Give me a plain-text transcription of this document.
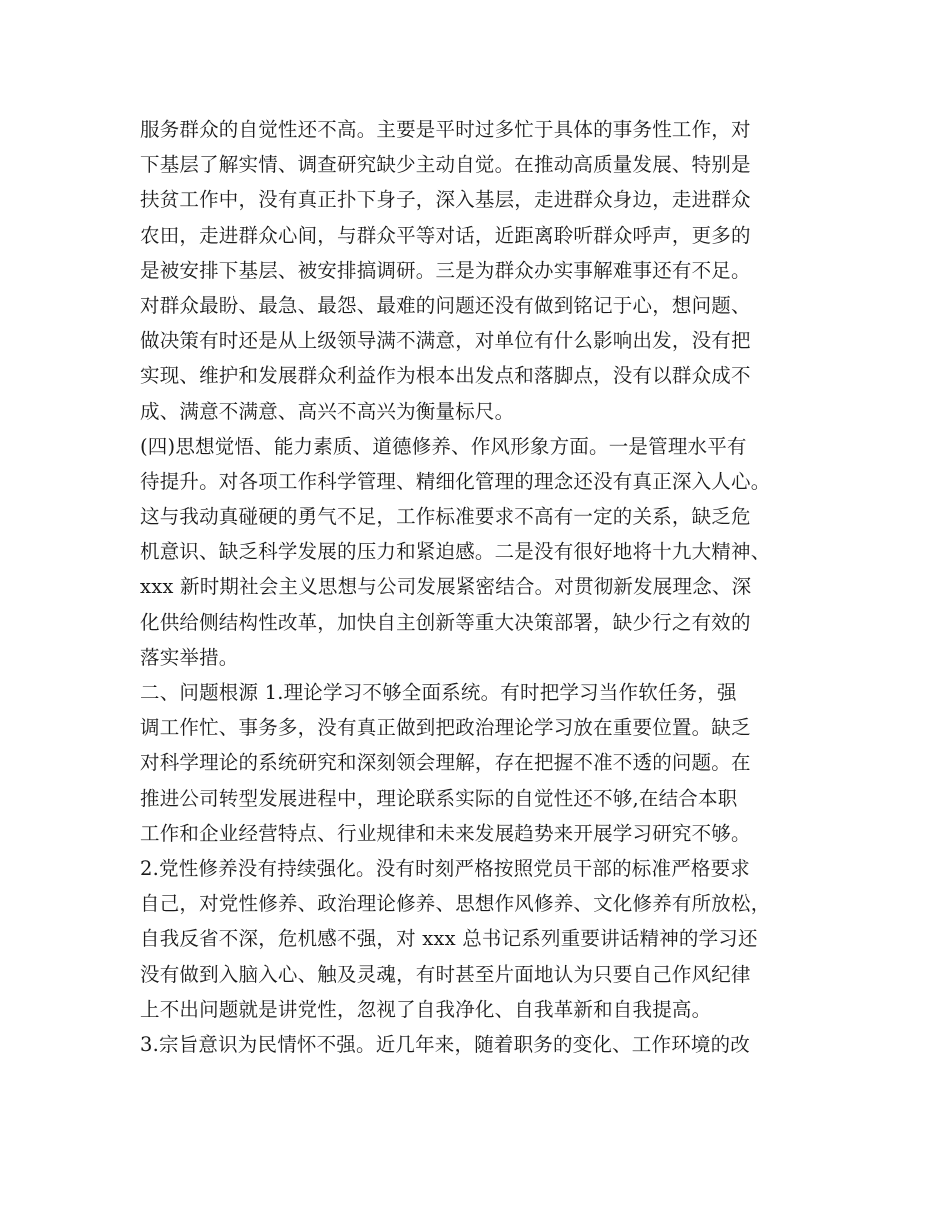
服务群众的自觉性还不高。主要是平时过多忙于具体的事务性工作，对
下基层了解实情、调查研究缺少主动自觉。在推动高质量发展、特别是
扶贫工作中，没有真正扑下身子，深入基层，走进群众身边，走进群众
农田，走进群众心间，与群众平等对话，近距离聆听群众呼声，更多的
是被安排下基层、被安排搞调研。三是为群众办实事解难事还有不足。
对群众最盼、最急、最怨、最难的问题还没有做到铭记于心，想问题、
做决策有时还是从上级领导满不满意，对单位有什么影响出发，没有把
实现、维护和发展群众利益作为根本出发点和落脚点，没有以群众成不
成、满意不满意、高兴不高兴为衡量标尺。
(四)思想觉悟、能力素质、道德修养、作风形象方面。一是管理水平有
待提升。对各项工作科学管理、精细化管理的理念还没有真正深入人心。
这与我动真碰硬的勇气不足，工作标准要求不高有一定的关系，缺乏危
机意识、缺乏科学发展的压力和紧迫感。二是没有很好地将十九大精神、
xxx 新时期社会主义思想与公司发展紧密结合。对贯彻新发展理念、深
化供给侧结构性改革，加快自主创新等重大决策部署，缺少行之有效的
落实举措。
二、问题根源 1.理论学习不够全面系统。有时把学习当作软任务，强
调工作忙、事务多，没有真正做到把政治理论学习放在重要位置。缺乏
对科学理论的系统研究和深刻领会理解，存在把握不准不透的问题。在
推进公司转型发展进程中，理论联系实际的自觉性还不够,在结合本职
工作和企业经营特点、行业规律和未来发展趋势来开展学习研究不够。
2.党性修养没有持续强化。没有时刻严格按照党员干部的标准严格要求
自己，对党性修养、政治理论修养、思想作风修养、文化修养有所放松，
自我反省不深，危机感不强，对 xxx 总书记系列重要讲话精神的学习还
没有做到入脑入心、触及灵魂，有时甚至片面地认为只要自己作风纪律
上不出问题就是讲党性，忽视了自我净化、自我革新和自我提高。
3.宗旨意识为民情怀不强。近几年来，随着职务的变化、工作环境的改
